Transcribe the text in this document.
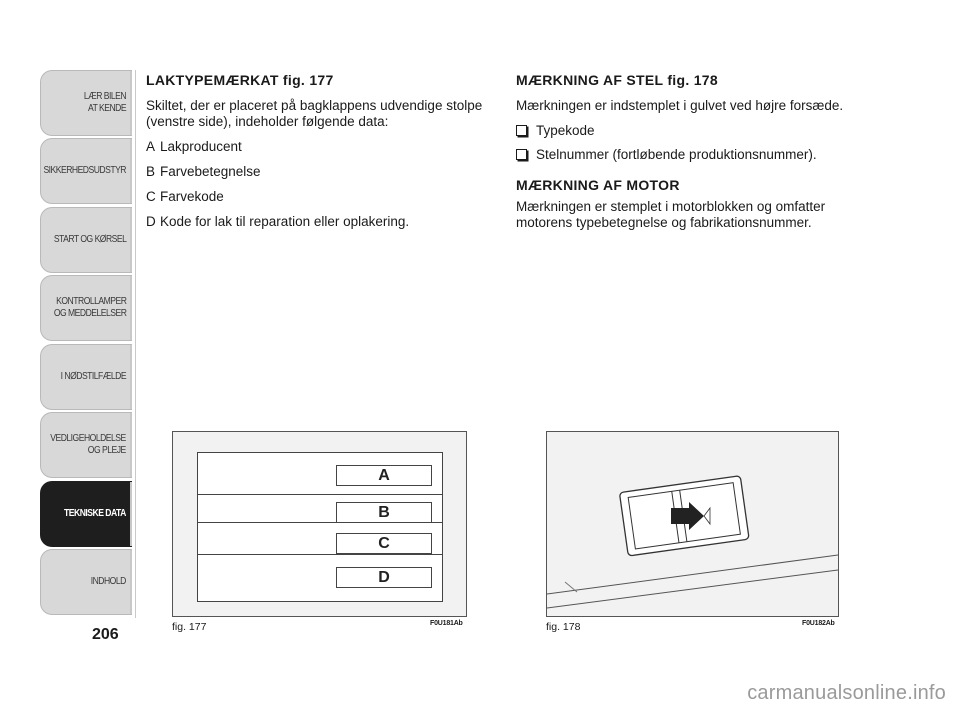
LÆR BILEN
AT KENDE
SIKKERHEDSUDSTYR
START OG KØRSEL
KONTROLLAMPER
OG MEDDELELSER
I NØDSTILFÆLDE
VEDLIGEHOLDELSE
OG PLEJE
TEKNISKE DATA
INDHOLD
206
LAKTYPEMÆRKAT fig. 177
Skiltet, der er placeret på bagklappens udvendige stolpe (venstre side), indeholder følgende data:
A Lakproducent
B Farvebetegnelse
C Farvekode
D Kode for lak til reparation eller oplakering.
MÆRKNING AF STEL fig. 178
Mærkningen er indstemplet i gulvet ved højre forsæde.
Typekode
Stelnummer (fortløbende produktionsnummer).
MÆRKNING AF MOTOR
Mærkningen er stemplet i motorblokken og omfatter motorens typebetegnelse og fabrikationsnummer.
A
B
C
D
fig. 177	F0U181Ab	fig. 178	F0U182Ab
carmanualsonline.info
